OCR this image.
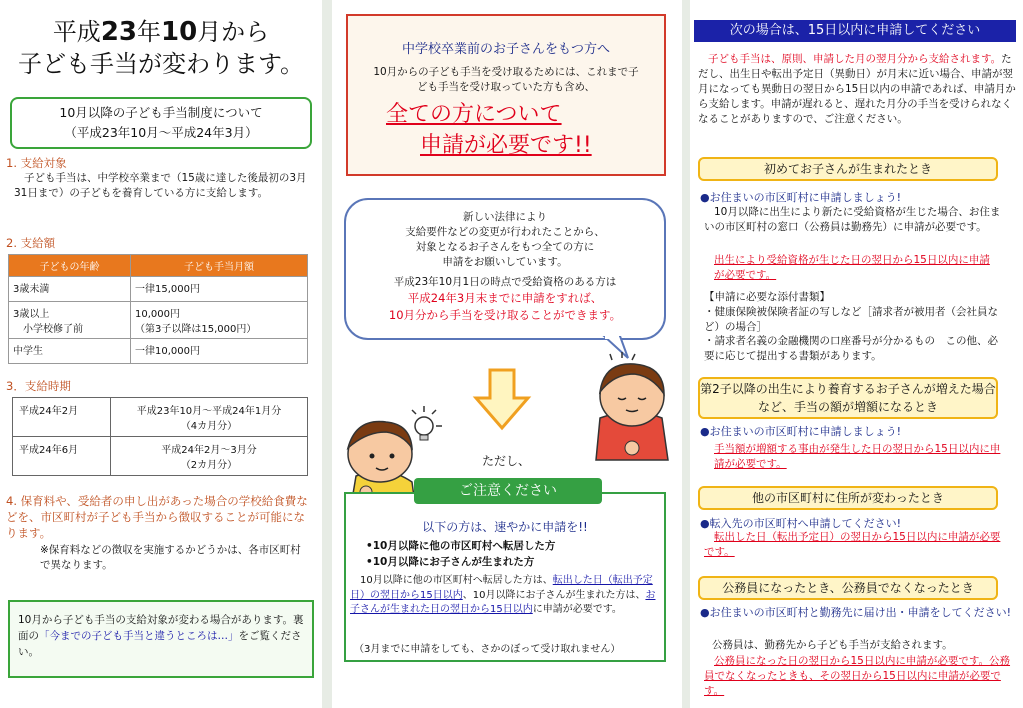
平成23年10月から
子ども手当が変わります。
10月以降の子ども手当制度について
（平成23年10月～平成24年3月）
1. 支給対象
子ども手当は、中学校卒業まで（15歳に達した後最初の3月31日まで）の子どもを養育している方に支給します。
2. 支給額
子どもの年齢	子ども手当月額
3歳未満	一律15,000円
3歳以上
　小学校修了前	10,000円
（第3子以降は15,000円）
中学生	一律10,000円
3．支給時期
平成24年2月	平成23年10月～平成24年1月分
（4カ月分）
平成24年6月	平成24年2月～3月分
（2カ月分）
4. 保育料や、受給者の申し出があった場合の学校給食費などを、市区町村が子ども手当から徴収することが可能になります。
※保育料などの徴収を実施するかどうかは、各市区町村で異なります。
10月から子ども手当の支給対象が変わる場合があります。裏面の「今までの子ども手当と違うところは…」をご覧ください。
中学校卒業前のお子さんをもつ方へ
10月からの子ども手当を受け取るためには、これまで子ども手当を受け取っていた方も含め、
全ての方について
申請が必要です!!
新しい法律により
支給要件などの変更が行われたことから、
対象となるお子さんをもつ全ての方に
申請をお願いしています。
平成23年10月1日の時点で受給資格のある方は
平成24年3月末までに申請をすれば、
10月分から手当を受け取ることができます。
ただし、
ご注意ください
以下の方は、速やかに申請を!!
•10月以降に他の市区町村へ転居した方
•10月以降にお子さんが生まれた方
10月以降に他の市区町村へ転居した方は、転出した日（転出予定日）の翌日から15日以内、10月以降にお子さんが生まれた方は、お子さんが生まれた日の翌日から15日以内に申請が必要です。
（3月までに申請をしても、さかのぼって受け取れません）
次の場合は、15日以内に申請してください
子ども手当は、原則、申請した月の翌月分から支給されます。ただし、出生日や転出予定日（異動日）が月末に近い場合、申請が翌月になっても異動日の翌日から15日以内の申請であれば、申請月から支給します。申請が遅れると、遅れた月分の手当を受けられなくなることがありますので、ご注意ください。
初めてお子さんが生まれたとき
●お住まいの市区町村に申請しましょう!
10月以降に出生により新たに受給資格が生じた場合、お住まいの市区町村の窓口（公務員は勤務先）に申請が必要です。
出生により受給資格が生じた日の翌日から15日以内に申請が必要です。
【申請に必要な添付書類】
・健康保険被保険者証の写しなど［請求者が被用者（会社員など）の場合］
・請求者名義の金融機関の口座番号が分かるもの　この他、必要に応じて提出する書類があります。
第2子以降の出生により養育するお子さんが増えた場合など、手当の額が増額になるとき
●お住まいの市区町村に申請しましょう!
手当額が増額する事由が発生した日の翌日から15日以内に申請が必要です。
他の市区町村に住所が変わったとき
●転入先の市区町村へ申請してください!
転出した日（転出予定日）の翌日から15日以内に申請が必要です。
公務員になったとき、公務員でなくなったとき
●お住まいの市区町村と勤務先に届け出・申請をしてください!
公務員は、勤務先から子ども手当が支給されます。
公務員になった日の翌日から15日以内に申請が必要です。公務員でなくなったときも、その翌日から15日以内に申請が必要です。
